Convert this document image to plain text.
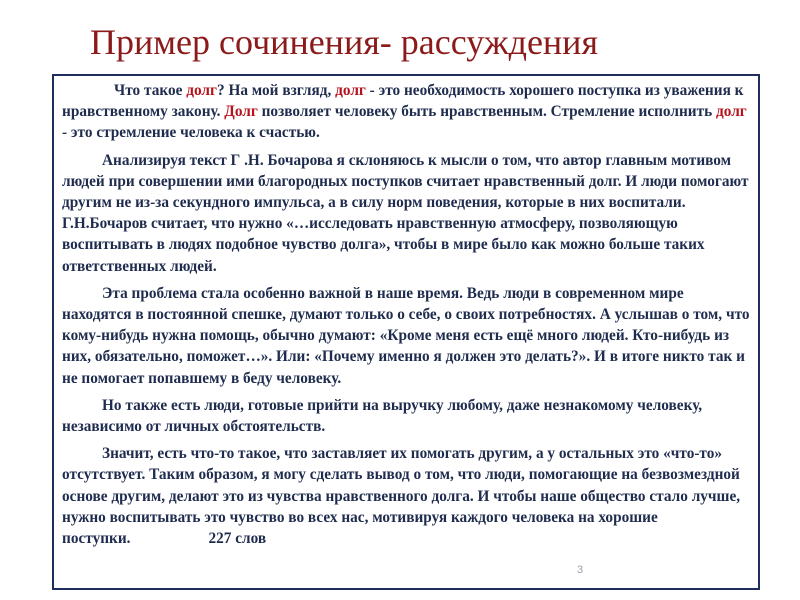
Пример сочинения- рассуждения

Что такое долг? На мой взгляд, долг - это необходимость хорошего поступка из уважения к нравственному закону. Долг позволяет человеку быть нравственным. Стремление исполнить долг - это стремление человека к счастью.

Анализируя текст Г .Н. Бочарова я склоняюсь к мысли о том, что автор главным мотивом людей при совершении ими благородных поступков считает нравственный долг. И люди помогают другим не из-за секундного импульса, а в силу норм поведения, которые в них воспитали. Г.Н.Бочаров считает, что нужно «…исследовать нравственную атмосферу, позволяющую воспитывать в людях подобное чувство долга», чтобы в мире было как можно больше таких ответственных людей.

Эта проблема стала особенно важной в наше время. Ведь люди в современном мире находятся в постоянной спешке, думают только о себе, о своих потребностях. А услышав о том, что кому-нибудь нужна помощь, обычно думают: «Кроме меня есть ещё много людей. Кто-нибудь из них, обязательно, поможет…». Или: «Почему именно я должен это делать?». И в итоге никто так и не помогает попавшему в беду человеку.

Но также есть люди, готовые прийти на выручку любому, даже незнакомому человеку, независимо от личных обстоятельств.

Значит, есть что-то такое, что заставляет их помогать другим, а у остальных это «что-то» отсутствует. Таким образом, я могу сделать вывод о том, что люди, помогающие на безвозмездной основе другим, делают это из чувства нравственного долга. И чтобы наше общество стало лучше, нужно воспитывать это чувство во всех нас, мотивируя каждого человека на хорошие поступки.	227 слов

3
